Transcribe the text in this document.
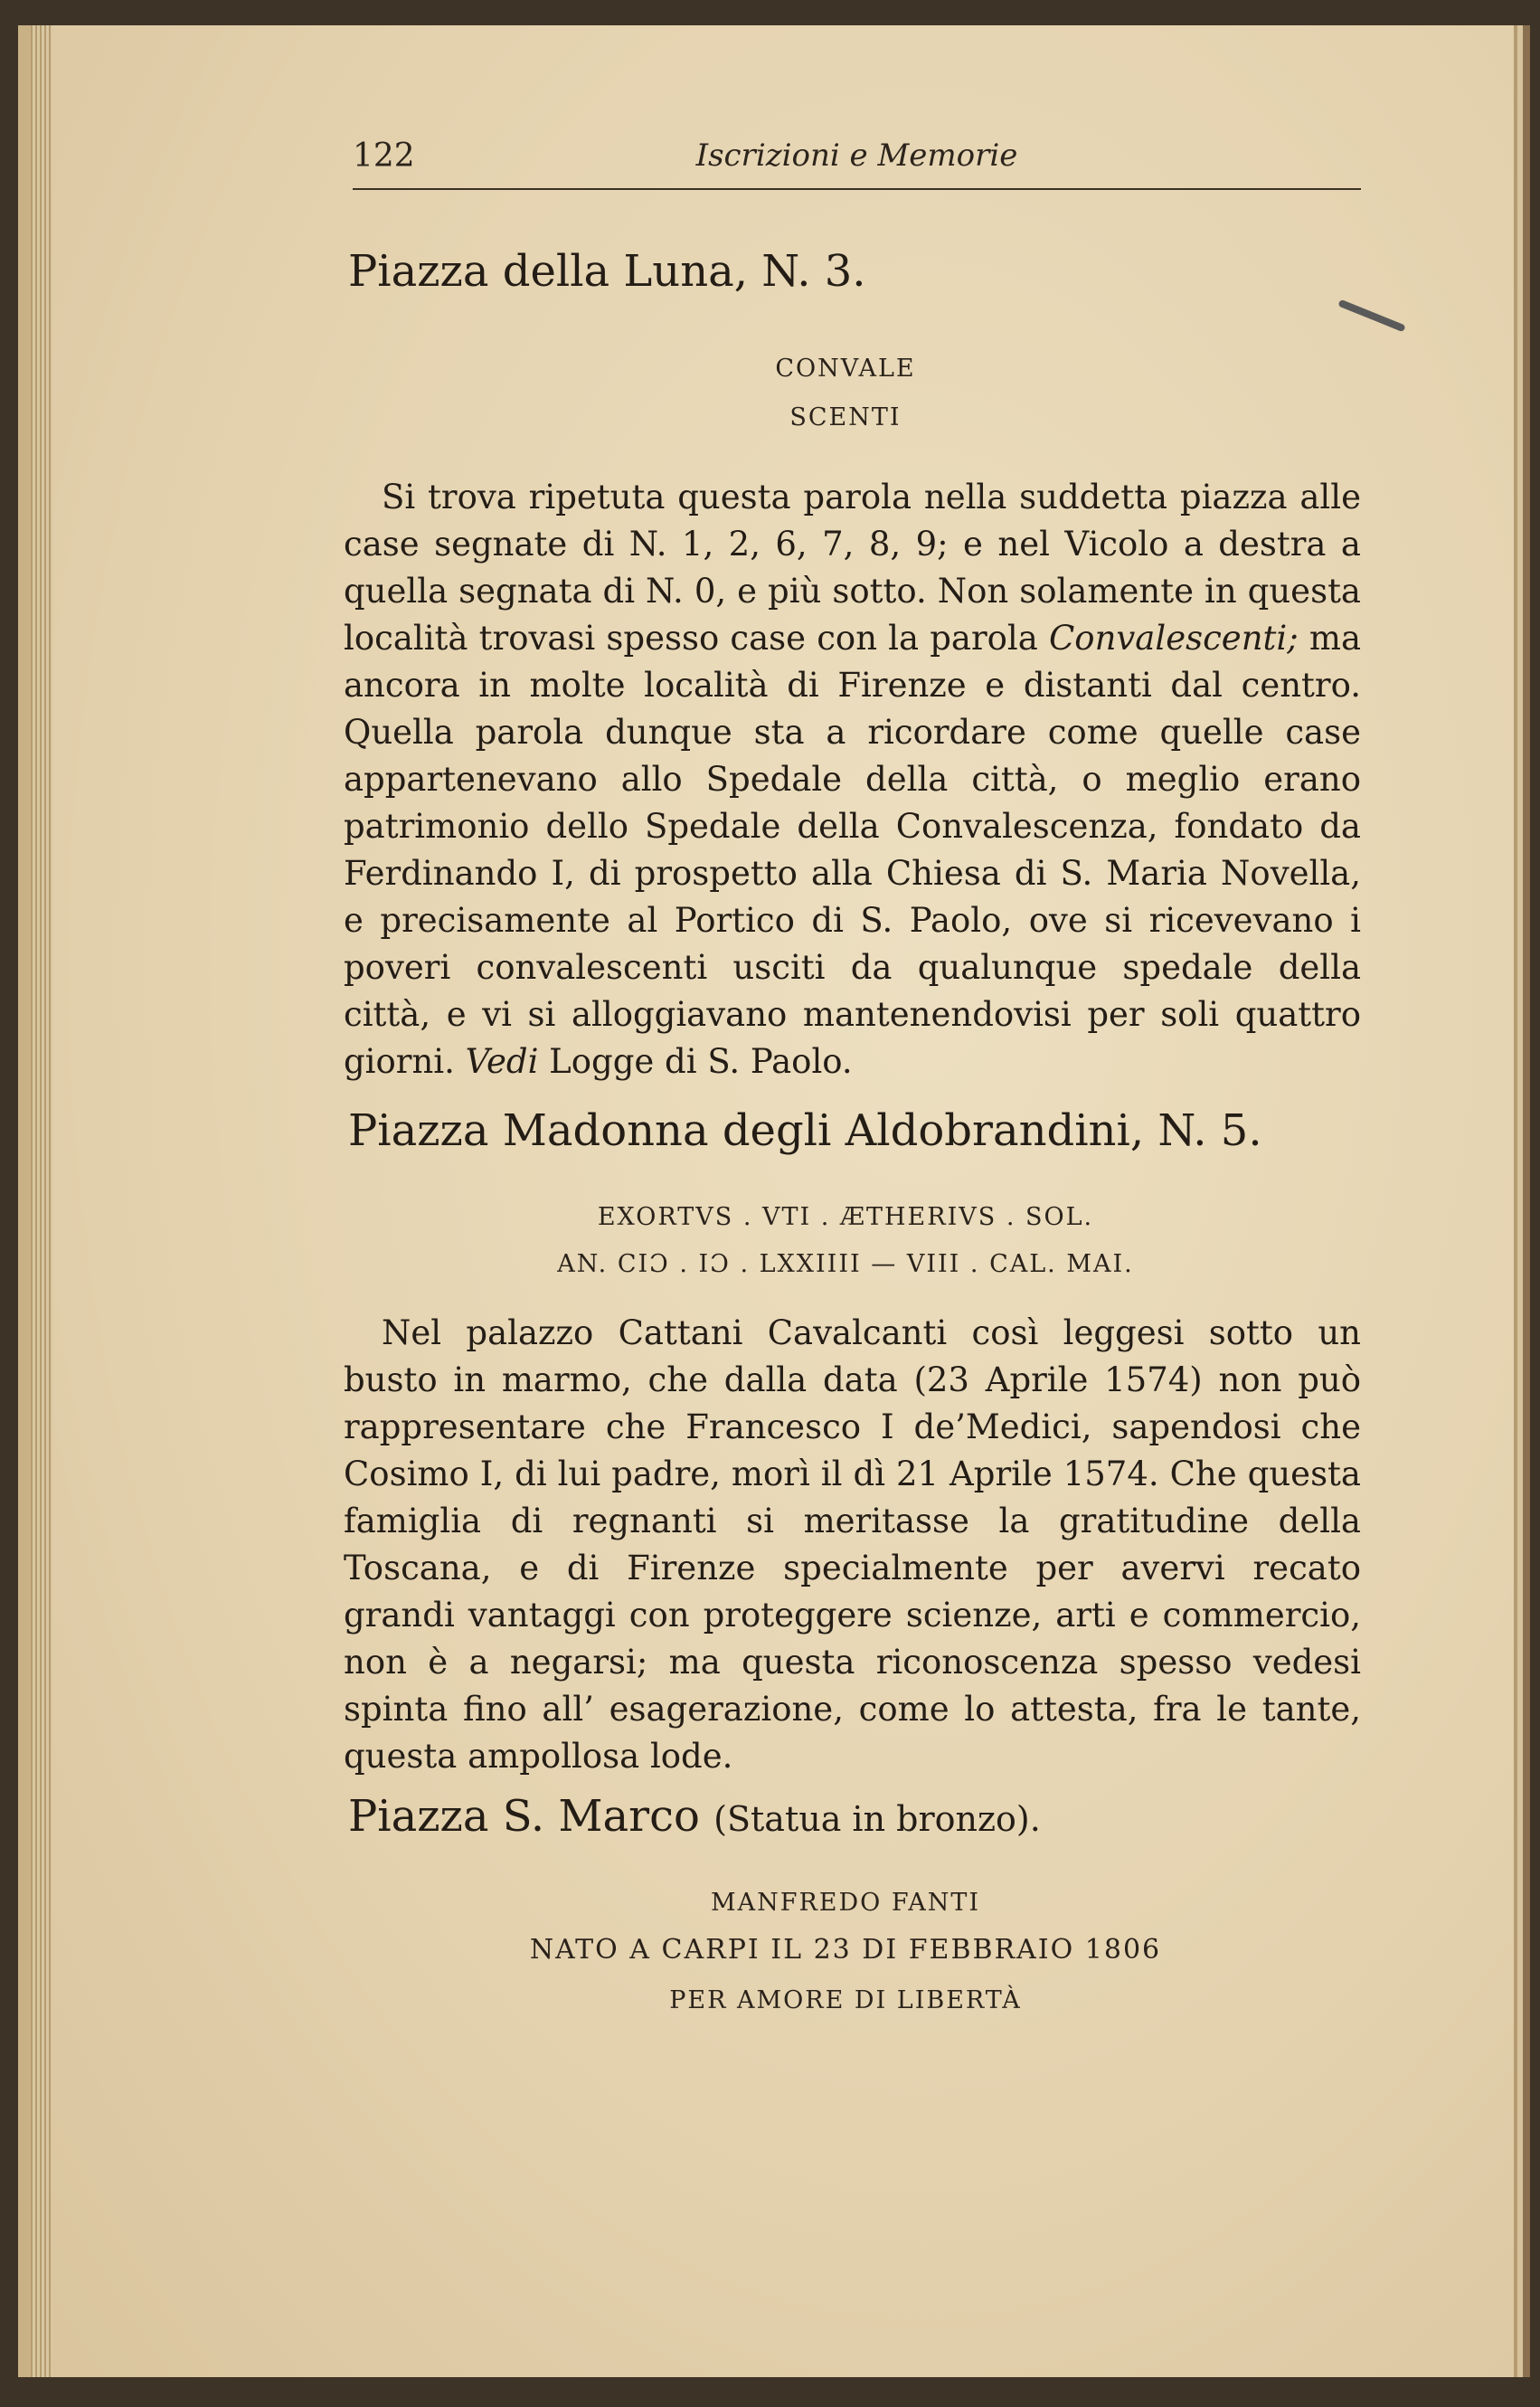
122	Iscrizioni e Memorie
Piazza della Luna, N. 3.
CONVALE
SCENTI

Si trova ripetuta questa parola nella suddetta piazza alle case segnate di N. 1, 2, 6, 7, 8, 9; e nel Vicolo a destra a quella segnata di N. 0, e più sotto. Non solamente in questa località trovasi spesso case con la parola Convalescenti; ma ancora in molte località di Firenze e distanti dal centro. Quella parola dunque sta a ricordare come quelle case appartenevano allo Spedale della città, o meglio erano patrimonio dello Spedale della Convalescenza, fondato da Ferdinando I, di prospetto alla Chiesa di S. Maria Novella, e precisamente al Portico di S. Paolo, ove si ricevevano i poveri convalescenti usciti da qualunque spedale della città, e vi si alloggiavano mantenendovisi per soli quattro giorni. Vedi Logge di S. Paolo.

Piazza Madonna degli Aldobrandini, N. 5.
EXORTVS . VTI . ÆTHERIVS . SOL.
AN. CIƆ . IƆ . LXXIIII — VIII . CAL. MAI.

Nel palazzo Cattani Cavalcanti così leggesi sotto un busto in marmo, che dalla data (23 Aprile 1574) non può rappresentare che Francesco I de’Medici, sapendosi che Cosimo I, di lui padre, morì il dì 21 Aprile 1574. Che questa famiglia di regnanti si meritasse la gratitudine della Toscana, e di Firenze specialmente per avervi recato grandi vantaggi con proteggere scienze, arti e commercio, non è a negarsi; ma questa riconoscenza spesso vedesi spinta fino all’ esagerazione, come lo attesta, fra le tante, questa ampollosa lode.

Piazza S. Marco (Statua in bronzo).
MANFREDO FANTI
NATO A CARPI IL 23 DI FEBBRAIO 1806
PER AMORE DI LIBERTÀ
